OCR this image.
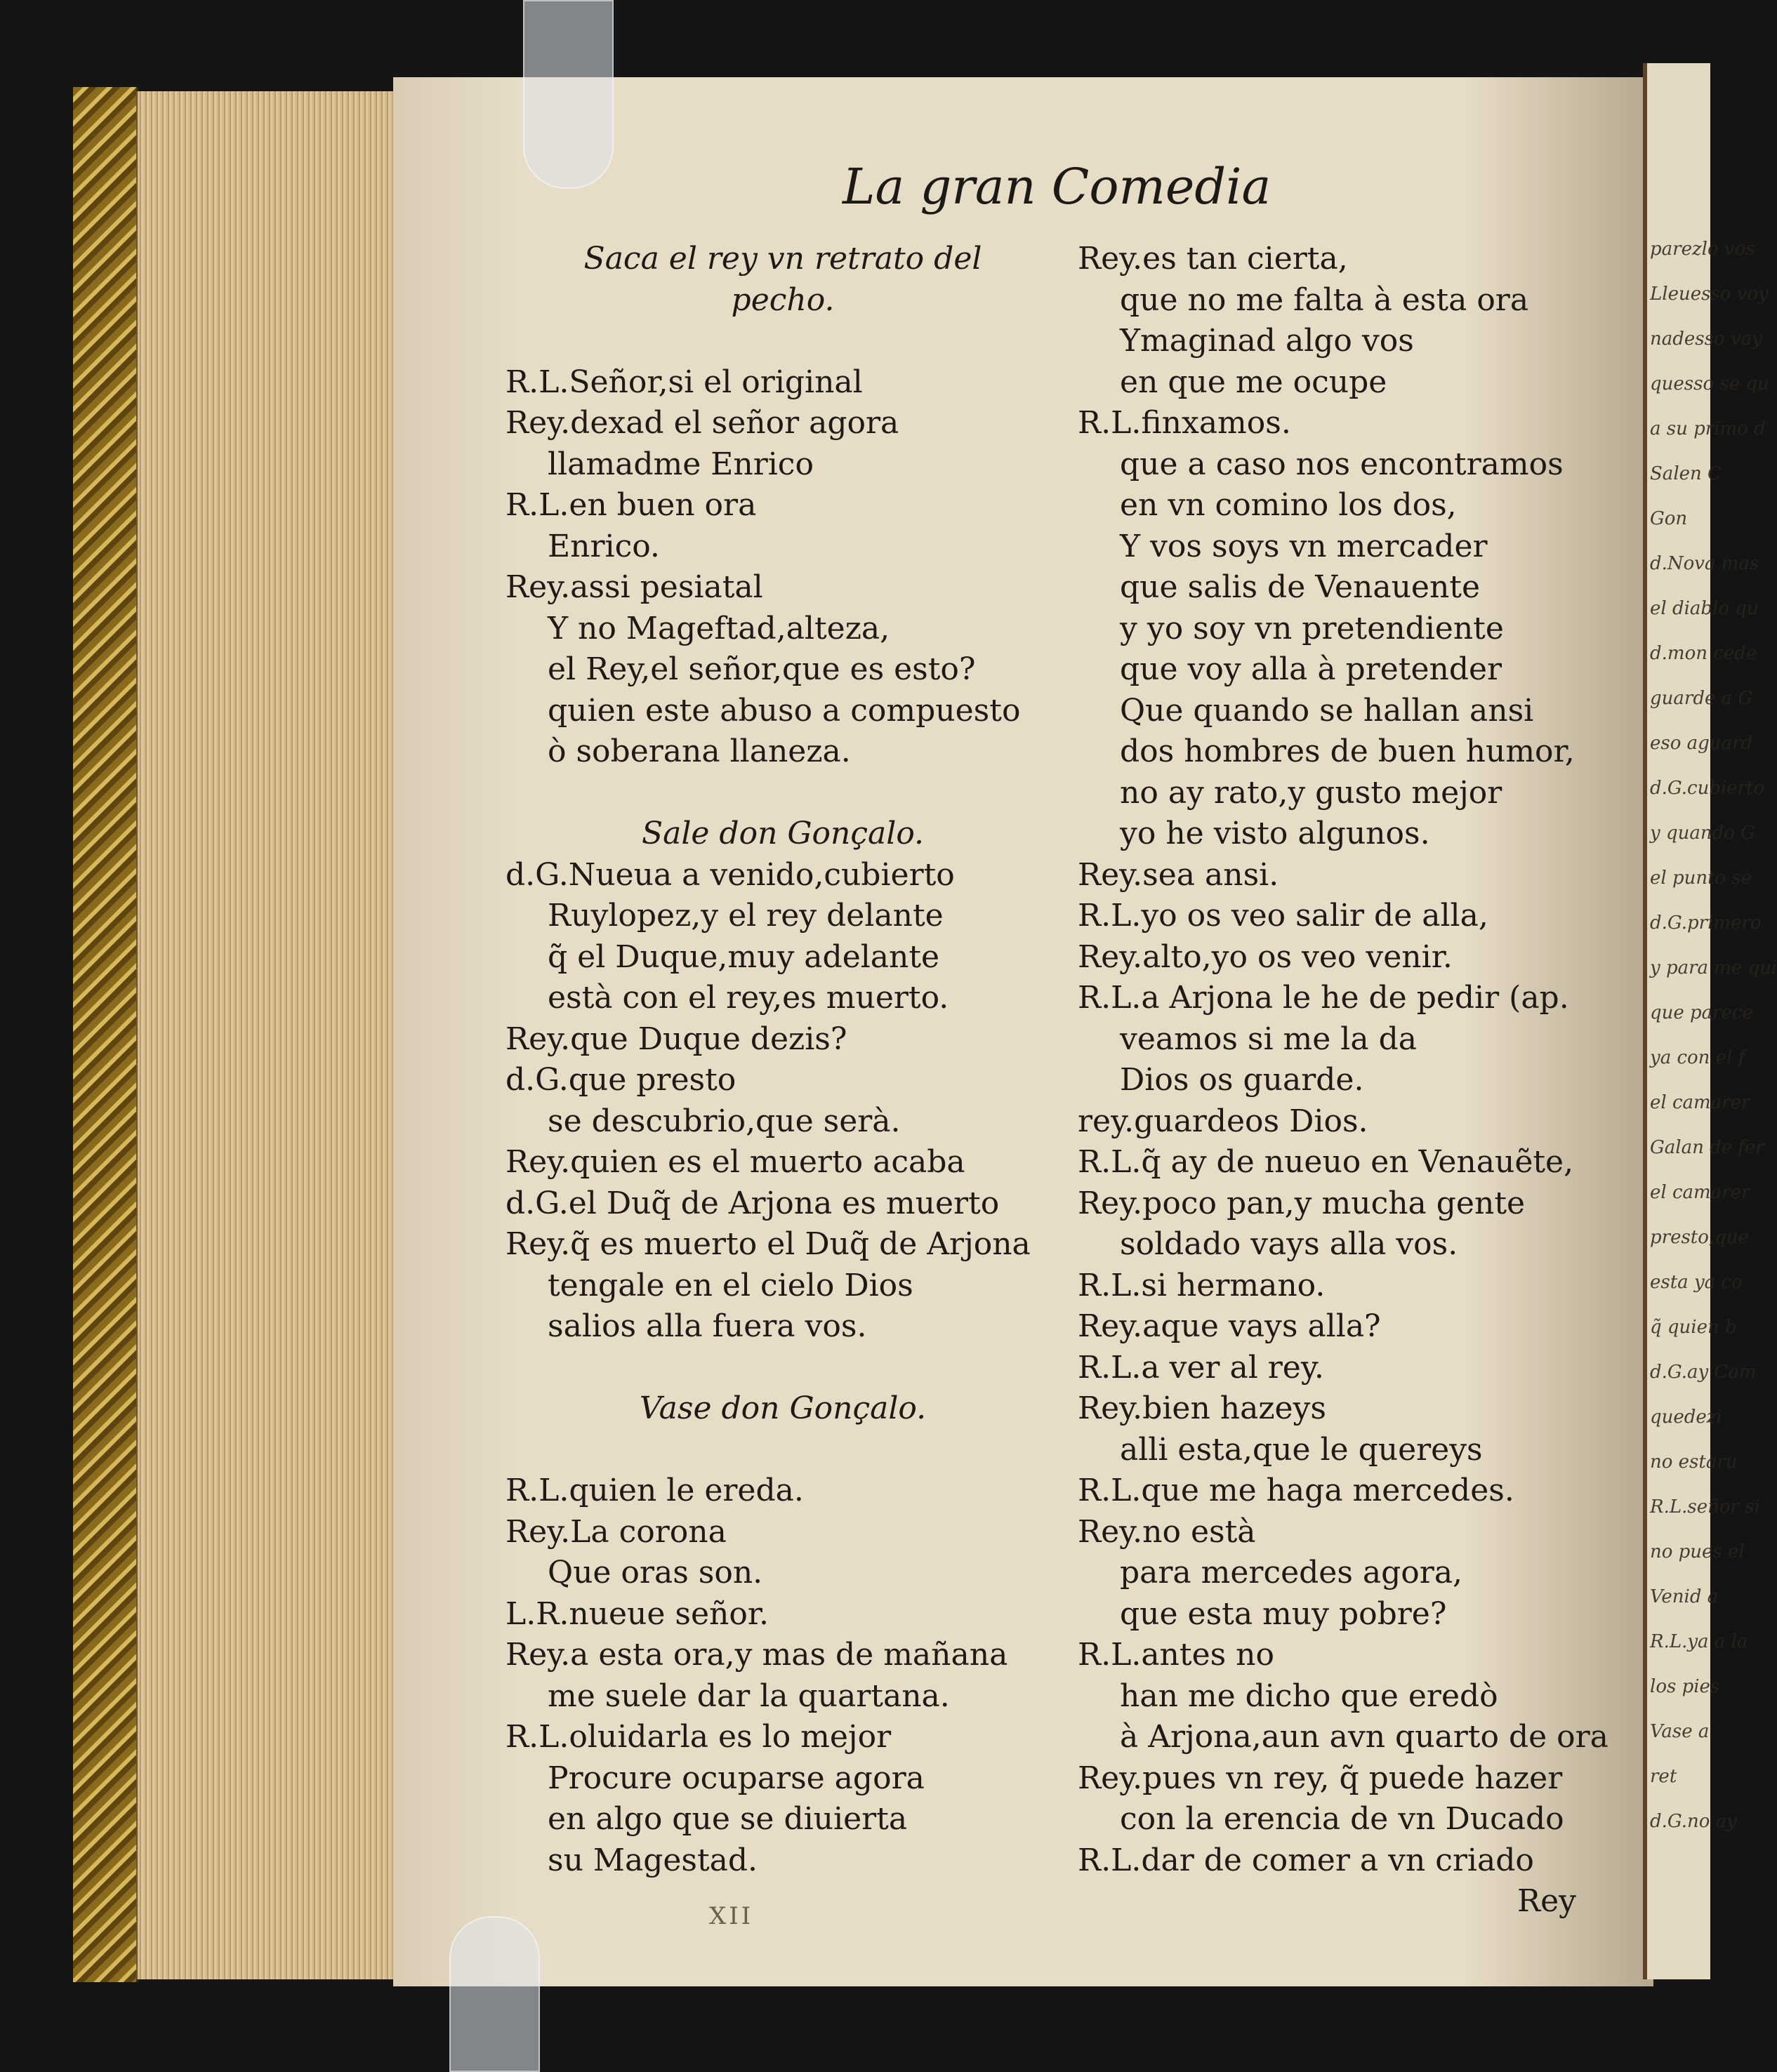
parezlo vos
Lleuesso voy
nadesso vay
quesso se qu
a su primo d
Salen C
Gon
d.Nova mas
el diablo qu
d.mon cede
guarde a G
eso aguard
d.G.cubierto
y quando G
el punto se
d.G.primero
y para me qui
que parece
ya con el f
el camarer
Galan de fer
el camarer
presto,que
esta ya co
q̃ quien b
d.G.ay Cam
quedezi
no estaru
R.L.señor si
no pues el
Venid a
R.L.ya a la
los pies
Vase a
ret
d.G.no ay
La gran Comedia
Saca el rey vn retrato del
pecho.
R.L.Señor,si el original
Rey.dexad el señor agora
llamadme Enrico
R.L.en buen ora
Enrico.
Rey.assi pesiatal
Y no Mageftad,alteza,
el Rey,el señor,que es esto?
quien este abuso a compuesto
ò soberana llaneza.
Sale don Gonçalo.
d.G.Nueua a venido,cubierto
Ruylopez,y el rey delante
q̃ el Duque,muy adelante
està con el rey,es muerto.
Rey.que Duque dezis?
d.G.que presto
se descubrio,que serà.
Rey.quien es el muerto acaba
d.G.el Duq̃ de Arjona es muerto
Rey.q̃ es muerto el Duq̃ de Arjona
tengale en el cielo Dios
salios alla fuera vos.
Vase don Gonçalo.
R.L.quien le ereda.
Rey.La corona
Que oras son.
L.R.nueue señor.
Rey.a esta ora,y mas de mañana
me suele dar la quartana.
R.L.oluidarla es lo mejor
Procure ocuparse agora
en algo que se diuierta
su Magestad.
Rey.es tan cierta,
que no me falta à esta ora
Ymaginad algo vos
en que me ocupe
R.L.finxamos.
que a caso nos encontramos
en vn comino los dos,
Y vos soys vn mercader
que salis de Venauente
y yo soy vn pretendiente
que voy alla à pretender
Que quando se hallan ansi
dos hombres de buen humor,
no ay rato,y gusto mejor
yo he visto algunos.
Rey.sea ansi.
R.L.yo os veo salir de alla,
Rey.alto,yo os veo venir.
R.L.a Arjona le he de pedir (ap.
veamos si me la da
Dios os guarde.
rey.guardeos Dios.
R.L.q̃ ay de nueuo en Venauẽte,
Rey.poco pan,y mucha gente
soldado vays alla vos.
R.L.si hermano.
Rey.aque vays alla?
R.L.a ver al rey.
Rey.bien hazeys
alli esta,que le quereys
R.L.que me haga mercedes.
Rey.no està
para mercedes agora,
que esta muy pobre?
R.L.antes no
han me dicho que eredò
à Arjona,aun avn quarto de ora
Rey.pues vn rey, q̃ puede hazer
con la erencia de vn Ducado
R.L.dar de comer a vn criado
Rey
XII
